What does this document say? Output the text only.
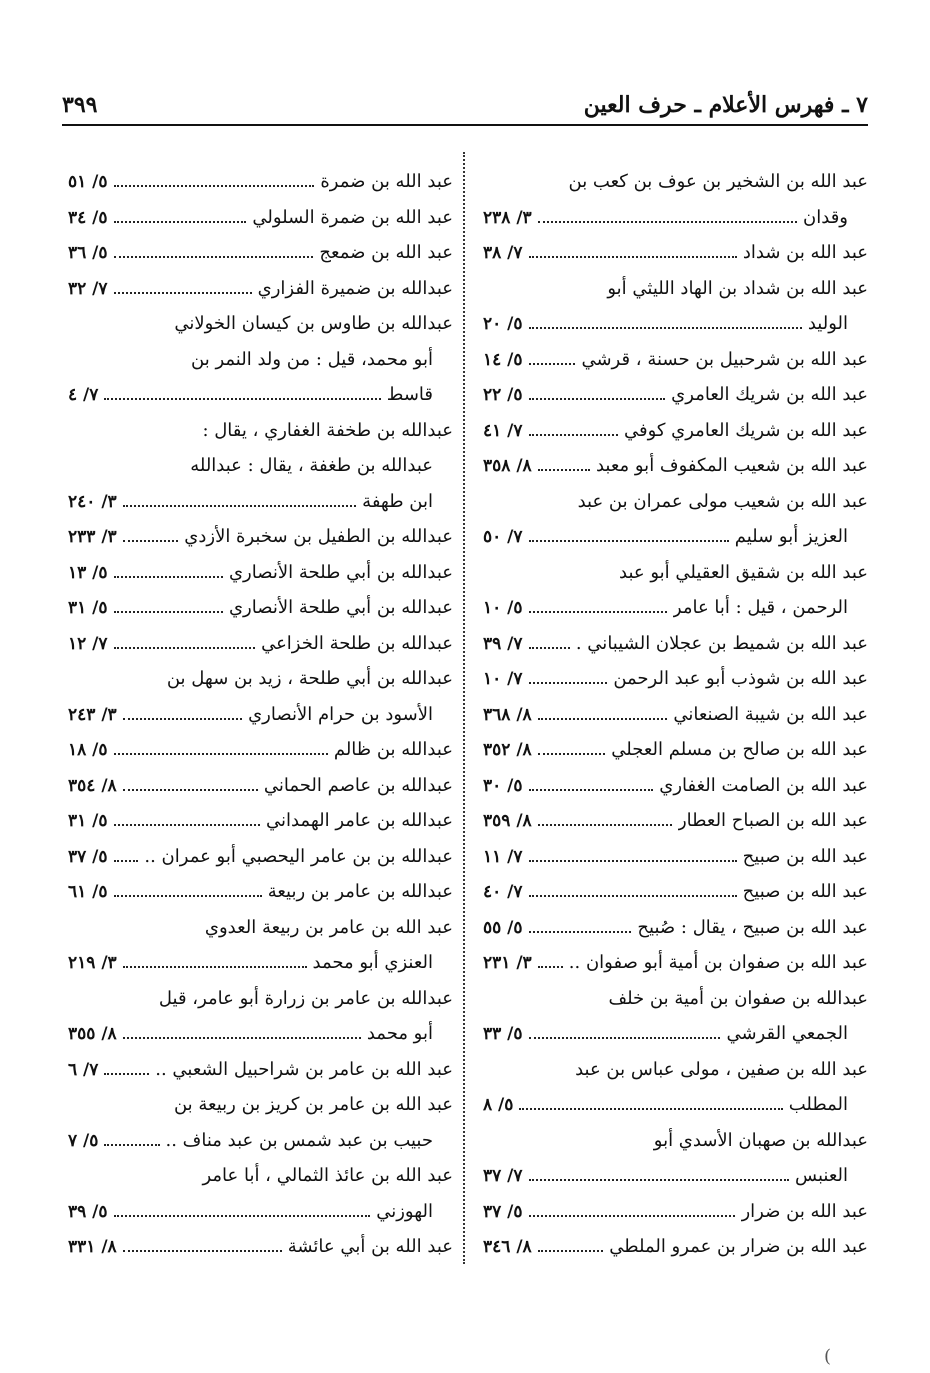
٣٩٩	٧ ـ فهرس الأعلام ـ حرف العين
عبد الله بن الشخير بن عوف بن كعب بن
وقدان
٣/ ٢٣٨
عبد الله بن شداد
٧/ ٣٨
عبد الله بن شداد بن الهاد الليثي أبو
الوليد
٥/ ٢٠
عبد الله بن شرحبيل بن حسنة ، قرشي
٥/ ١٤
عبد الله بن شريك العامري
٥/ ٢٢
عبد الله بن شريك العامري كوفي
٧/ ٤١
عبد الله بن شعيب المكفوف أبو معبد
٨/ ٣٥٨
عبد الله بن شعيب مولى عمران بن عبد
العزيز أبو سليم
٧/ ٥٠
عبد الله بن شقيق العقيلي أبو عبد
الرحمن ، قيل : أبا عامر
٥/ ١٠
عبد الله بن شميط بن عجلان الشيباني .
٧/ ٣٩
عبد الله بن شوذب أبو عبد الرحمن
٧/ ١٠
عبد الله بن شيبة الصنعاني
٨/ ٣٦٨
عبد الله بن صالح بن مسلم العجلي
٨/ ٣٥٢
عبد الله بن الصامت الغفاري
٥/ ٣٠
عبد الله بن الصباح العطار
٨/ ٣٥٩
عبد الله بن صبيح
٧/ ١١
عبد الله بن صبيح
٧/ ٤٠
عبد الله بن صبيح ، يقال : صُبيح
٥/ ٥٥
عبد الله بن صفوان بن أمية أبو صفوان ..
٣/ ٢٣١
عبدالله بن صفوان بن أمية بن خلف
الجمعي القرشي
٥/ ٣٣
عبد الله بن صفين ، مولى عباس بن عبد
المطلب
٥/ ٨
عبدالله بن صهبان الأسدي أبو
العنبس
٧/ ٣٧
عبد الله بن ضرار
٥/ ٣٧
عبد الله بن ضرار بن عمرو الملطي
٨/ ٣٤٦
عبد الله بن ضمرة
٥/ ٥١
عبد الله بن ضمرة السلولي
٥/ ٣٤
عبد الله بن ضمعج
٥/ ٣٦
عبدالله بن ضميرة الفزاري
٧/ ٣٢
عبدالله بن طاوس بن كيسان الخولاني
أبو محمد، قيل : من ولد النمر بن
قاسط
٧/ ٤
عبدالله بن طخفة الغفاري ، يقال :
عبدالله بن طغفة ، يقال : عبدالله
ابن طهفة
٣/ ٢٤٠
عبدالله بن الطفيل بن سخبرة الأزدي
٣/ ٢٣٣
عبدالله بن أبي طلحة الأنصاري
٥/ ١٣
عبدالله بن أبي طلحة الأنصاري
٥/ ٣١
عبدالله بن طلحة الخزاعي
٧/ ١٢
عبدالله بن أبي طلحة ، زيد بن سهل بن
الأسود بن حرام الأنصاري
٣/ ٢٤٣
عبدالله بن ظالم
٥/ ١٨
عبدالله بن عاصم الحماني
٨/ ٣٥٤
عبدالله بن عامر الهمداني
٥/ ٣١
عبدالله بن بن عامر اليحصبي أبو عمران ..
٥/ ٣٧
عبدالله بن عامر بن ربيعة
٥/ ٦١
عبد الله بن عامر بن ربيعة العدوي
العنزي أبو محمد
٣/ ٢١٩
عبدالله بن عامر بن زرارة أبو عامر، قيل
أبو محمد
٨/ ٣٥٥
عبد الله بن عامر بن شراحبيل الشعبي ..
٧/ ٦
عبد الله بن عامر بن كريز بن ربيعة بن
حبيب بن عبد شمس بن عبد مناف ..
٥/ ٧
عبد الله بن عائذ الثمالي ، أبا عامر
الهوزني
٥/ ٣٩
عبد الله بن أبي عائشة
٨/ ٣٣١
(
